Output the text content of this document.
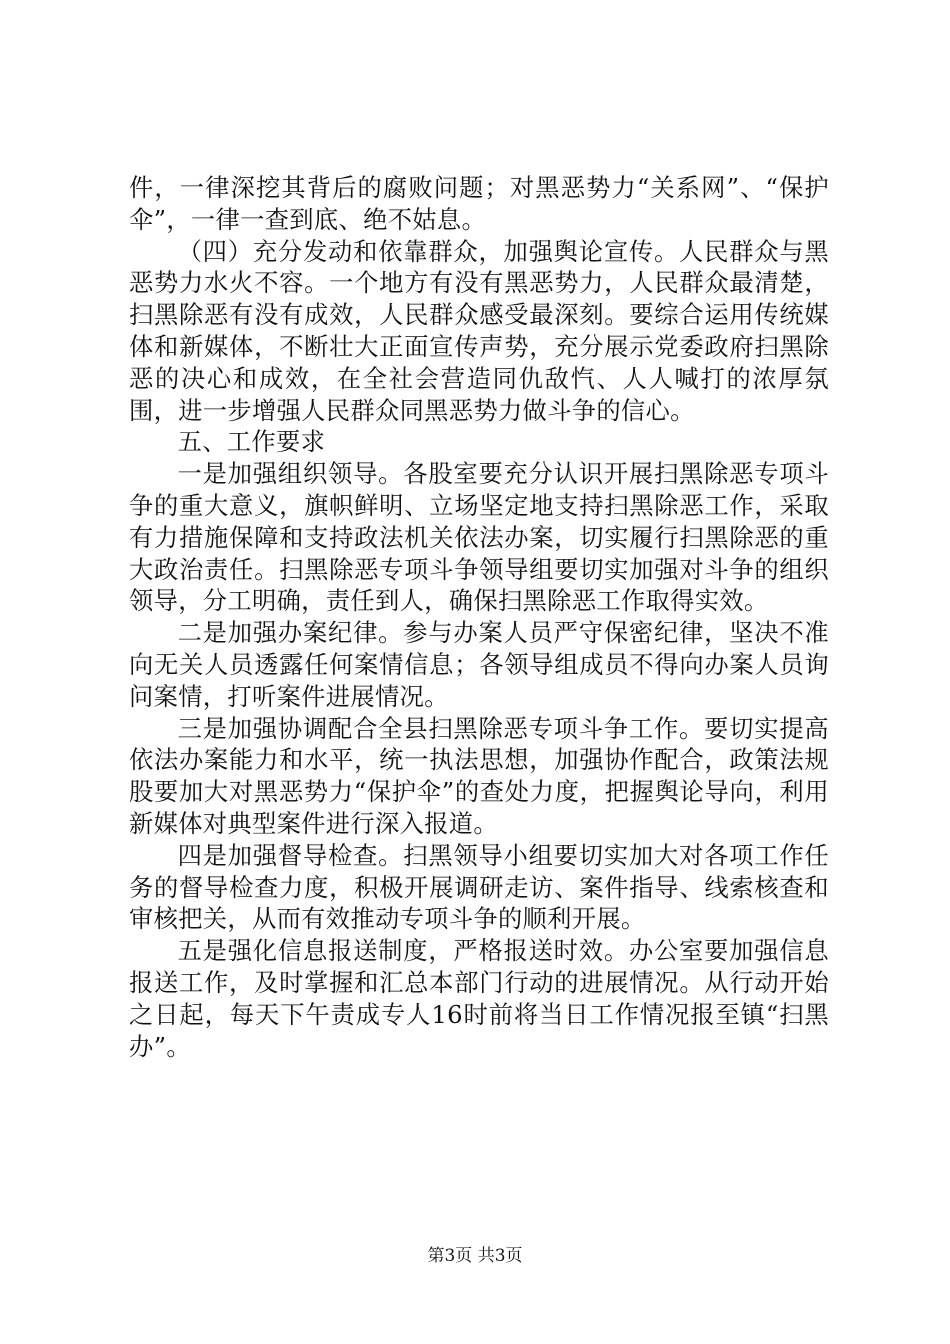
件，一律深挖其背后的腐败问题；对黑恶势力“关系网”、“保护伞”，一律一查到底、绝不姑息。

（四）充分发动和依靠群众，加强舆论宣传。人民群众与黑恶势力水火不容。一个地方有没有黑恶势力，人民群众最清楚，扫黑除恶有没有成效，人民群众感受最深刻。要综合运用传统媒体和新媒体，不断壮大正面宣传声势，充分展示党委政府扫黑除恶的决心和成效，在全社会营造同仇敌忾、人人喊打的浓厚氛围，进一步增强人民群众同黑恶势力做斗争的信心。

五、工作要求

一是加强组织领导。各股室要充分认识开展扫黑除恶专项斗争的重大意义，旗帜鲜明、立场坚定地支持扫黑除恶工作，采取有力措施保障和支持政法机关依法办案，切实履行扫黑除恶的重大政治责任。扫黑除恶专项斗争领导组要切实加强对斗争的组织领导，分工明确，责任到人，确保扫黑除恶工作取得实效。

二是加强办案纪律。参与办案人员严守保密纪律，坚决不准向无关人员透露任何案情信息；各领导组成员不得向办案人员询问案情，打听案件进展情况。

三是加强协调配合全县扫黑除恶专项斗争工作。要切实提高依法办案能力和水平，统一执法思想，加强协作配合，政策法规股要加大对黑恶势力“保护伞”的查处力度，把握舆论导向，利用新媒体对典型案件进行深入报道。

四是加强督导检查。扫黑领导小组要切实加大对各项工作任务的督导检查力度，积极开展调研走访、案件指导、线索核查和审核把关，从而有效推动专项斗争的顺利开展。

五是强化信息报送制度，严格报送时效。办公室要加强信息报送工作，及时掌握和汇总本部门行动的进展情况。从行动开始之日起，每天下午责成专人16时前将当日工作情况报至镇“扫黑办”。

第3页 共3页
